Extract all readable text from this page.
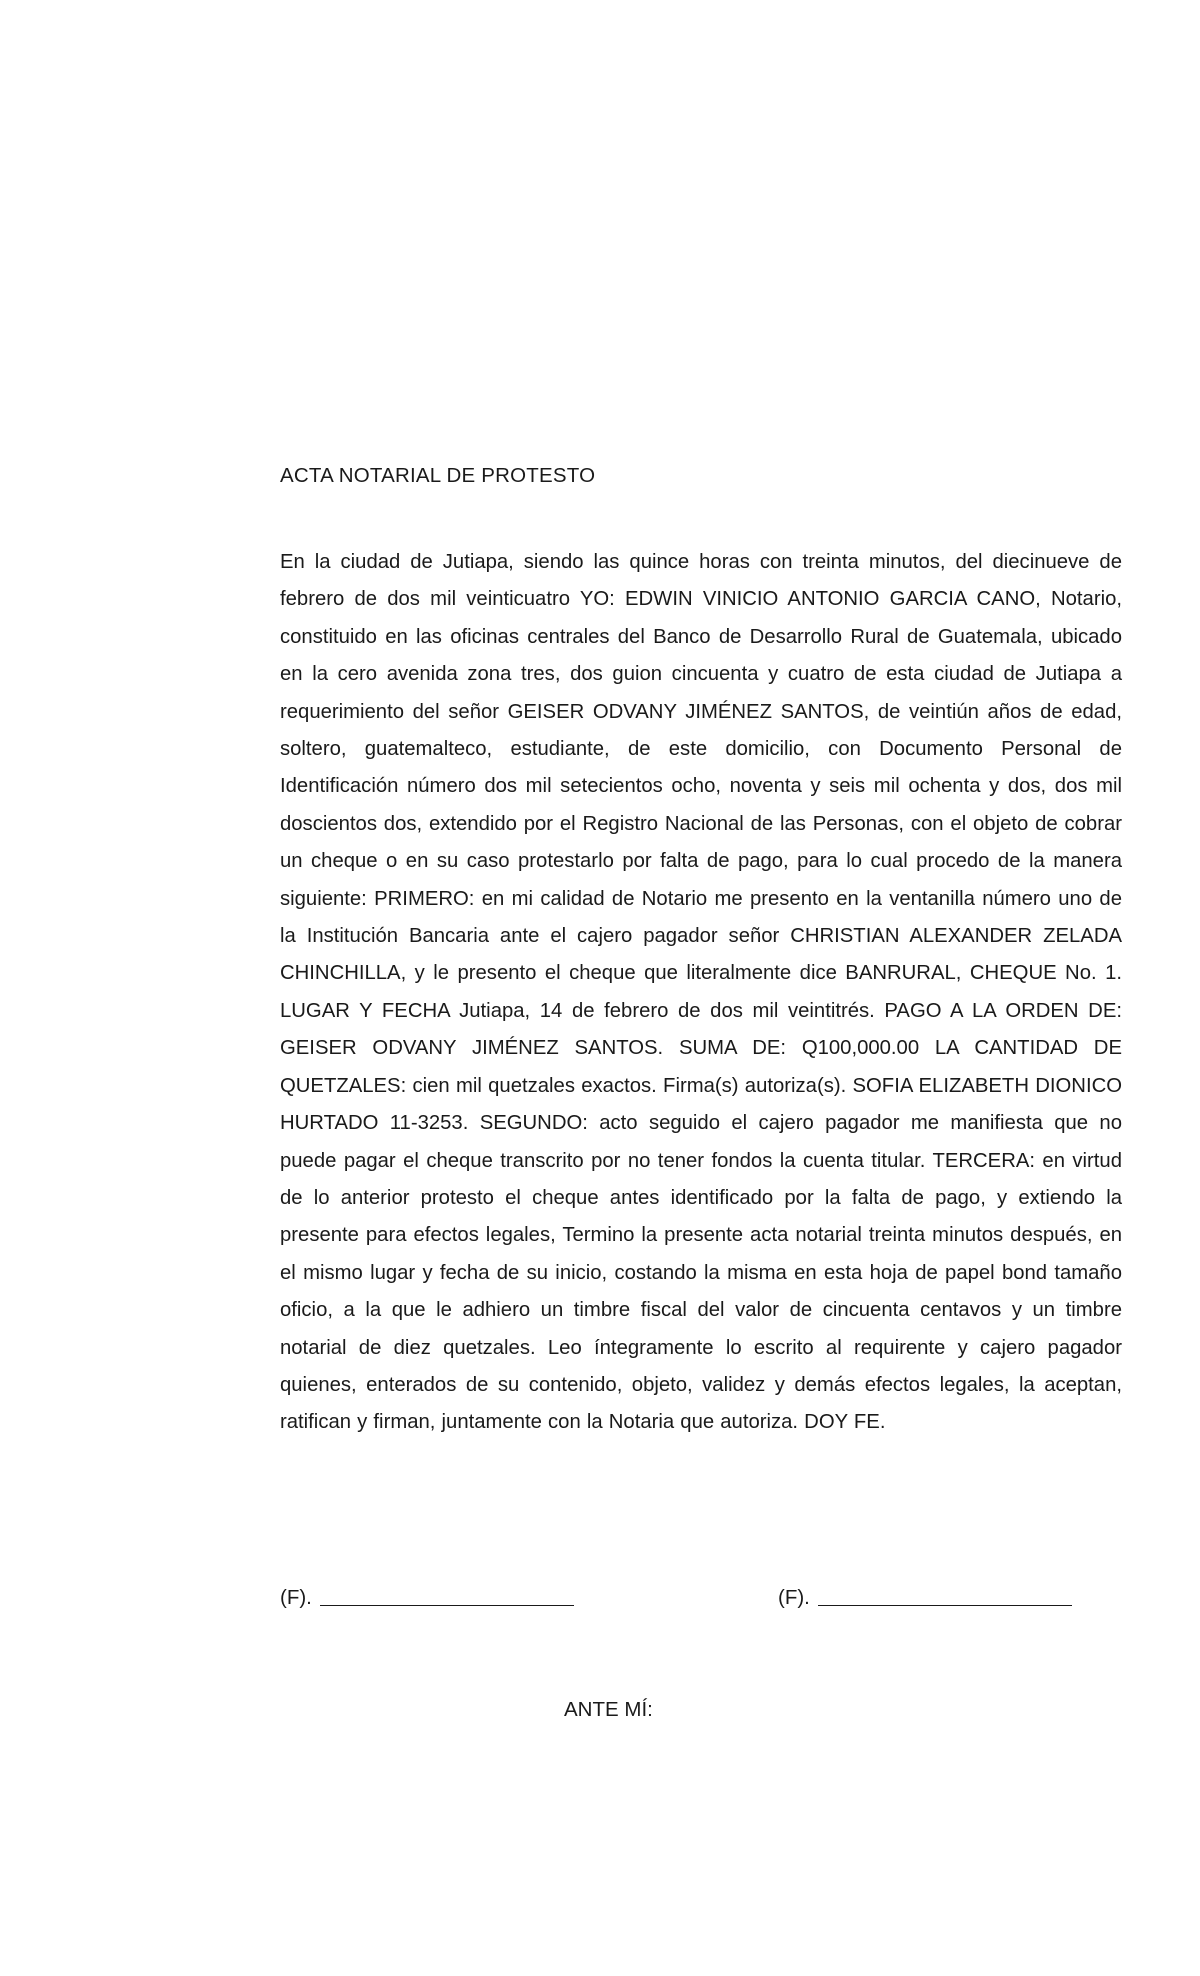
ACTA NOTARIAL DE PROTESTO
En la ciudad de Jutiapa, siendo las quince horas con treinta minutos, del diecinueve de febrero de dos mil veinticuatro YO: EDWIN VINICIO ANTONIO GARCIA CANO, Notario, constituido en las oficinas centrales del Banco de Desarrollo Rural de Guatemala, ubicado en la cero avenida zona tres, dos guion cincuenta y cuatro de esta ciudad de Jutiapa a requerimiento del señor GEISER ODVANY JIMÉNEZ SANTOS, de veintiún años de edad, soltero, guatemalteco, estudiante, de este domicilio, con Documento Personal de Identificación número dos mil setecientos ocho, noventa y seis mil ochenta y dos, dos mil doscientos dos, extendido por el Registro Nacional de las Personas, con el objeto de cobrar un cheque o en su caso protestarlo por falta de pago, para lo cual procedo de la manera siguiente: PRIMERO: en mi calidad de Notario me presento en la ventanilla número uno de la Institución Bancaria ante el cajero pagador señor CHRISTIAN ALEXANDER ZELADA CHINCHILLA, y le presento el cheque que literalmente dice BANRURAL, CHEQUE No. 1. LUGAR Y FECHA Jutiapa, 14 de febrero de dos mil veintitrés. PAGO A LA ORDEN DE: GEISER ODVANY JIMÉNEZ SANTOS. SUMA DE: Q100,000.00 LA CANTIDAD DE QUETZALES: cien mil quetzales exactos. Firma(s) autoriza(s). SOFIA ELIZABETH DIONICO HURTADO 11-3253. SEGUNDO: acto seguido el cajero pagador me manifiesta que no puede pagar el cheque transcrito por no tener fondos la cuenta titular. TERCERA: en virtud de lo anterior protesto el cheque antes identificado por la falta de pago, y extiendo la presente para efectos legales, Termino la presente acta notarial treinta minutos después, en el mismo lugar y fecha de su inicio, costando la misma en esta hoja de papel bond tamaño oficio, a la que le adhiero un timbre fiscal del valor de cincuenta centavos y un timbre notarial de diez quetzales. Leo íntegramente lo escrito al requirente y cajero pagador quienes, enterados de su contenido, objeto, validez y demás efectos legales, la aceptan, ratifican y firman, juntamente con la Notaria que autoriza. DOY FE.
(F).	(F).
ANTE MÍ:
